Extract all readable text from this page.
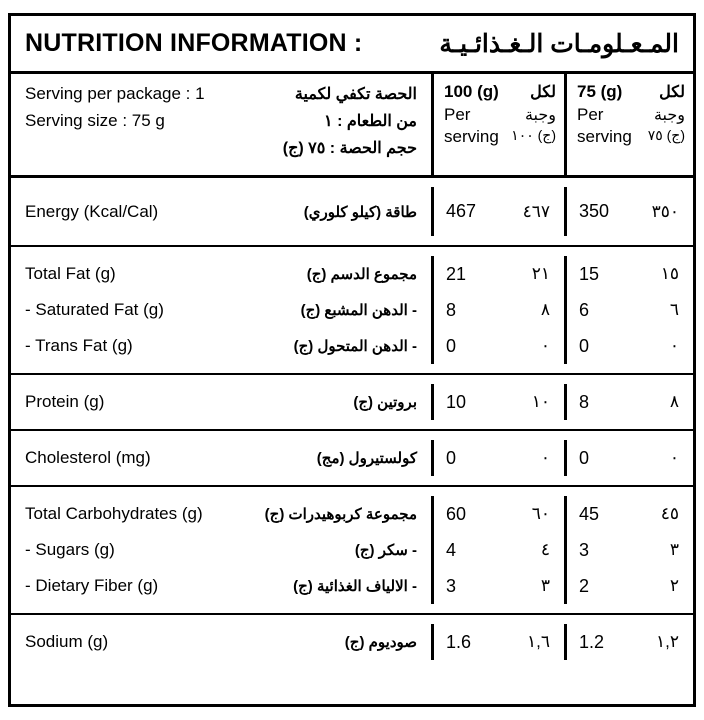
NUTRITION INFORMATION :	المـعـلومـات الـغـذائـيـة
Serving per package : 1	الحصة تكفي لكمية
Serving size : 75 g	من الطعام : ١
حجم الحصة : ٧٥ (ج)
100 (g) لكل
Per	وجبة
serving (ج) ١٠٠
75 (g) لكل
Per	وجبة
serving (ج) ٧٥
Energy (Kcal/Cal)	طاقة (كيلو كلوري) 467	٤٦٧ 350	٣٥٠
Total Fat (g)	مجموع الدسم (ج) 21	٢١ 15	١٥
- Saturated Fat (g)	- الدهن المشبع (ج) 8	٨ 6	٦
- Trans Fat (g)	- الدهن المتحول (ج) 0	٠ 0	٠
Protein (g)	بروتين (ج) 10	١٠ 8	٨
Cholesterol (mg)	كولستيرول (مج) 0	٠ 0	٠
Total Carbohydrates (g)	مجموعة كربوهيدرات (ج) 60	٦٠ 45	٤٥
- Sugars (g)	- سكر (ج) 4	٤ 3	٣
- Dietary Fiber (g)	- الالياف الغذائية (ج) 3	٣ 2	٢
Sodium (g)	صوديوم (ج) 1.6	١,٦ 1.2	١,٢
